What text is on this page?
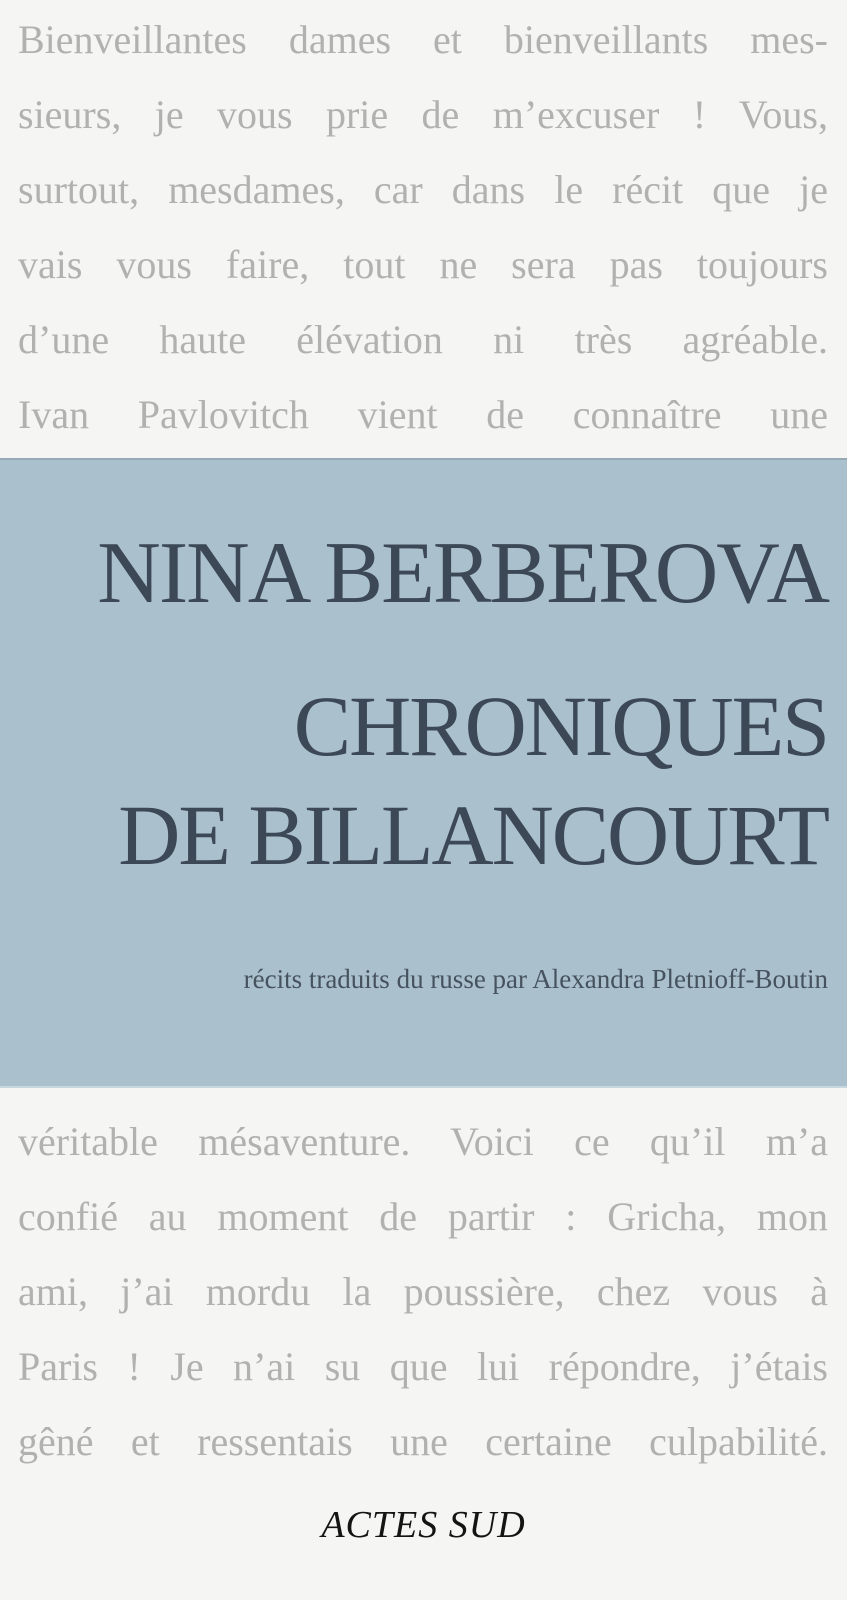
Bienveillantes dames et bienveillants mes-
sieurs, je vous prie de m’excuser ! Vous,
surtout, mesdames, car dans le récit que je
vais vous faire, tout ne sera pas toujours
d’une haute élévation ni très agréable.
Ivan Pavlovitch vient de connaître une
NINA BERBEROVA
CHRONIQUES
DE BILLANCOURT
récits traduits du russe par Alexandra Pletnioff-Boutin
véritable mésaventure. Voici ce qu’il m’a
confié au moment de partir : Gricha, mon
ami, j’ai mordu la poussière, chez vous à
Paris ! Je n’ai su que lui répondre, j’étais
gêné et ressentais une certaine culpabilité.
ACTES SUD
